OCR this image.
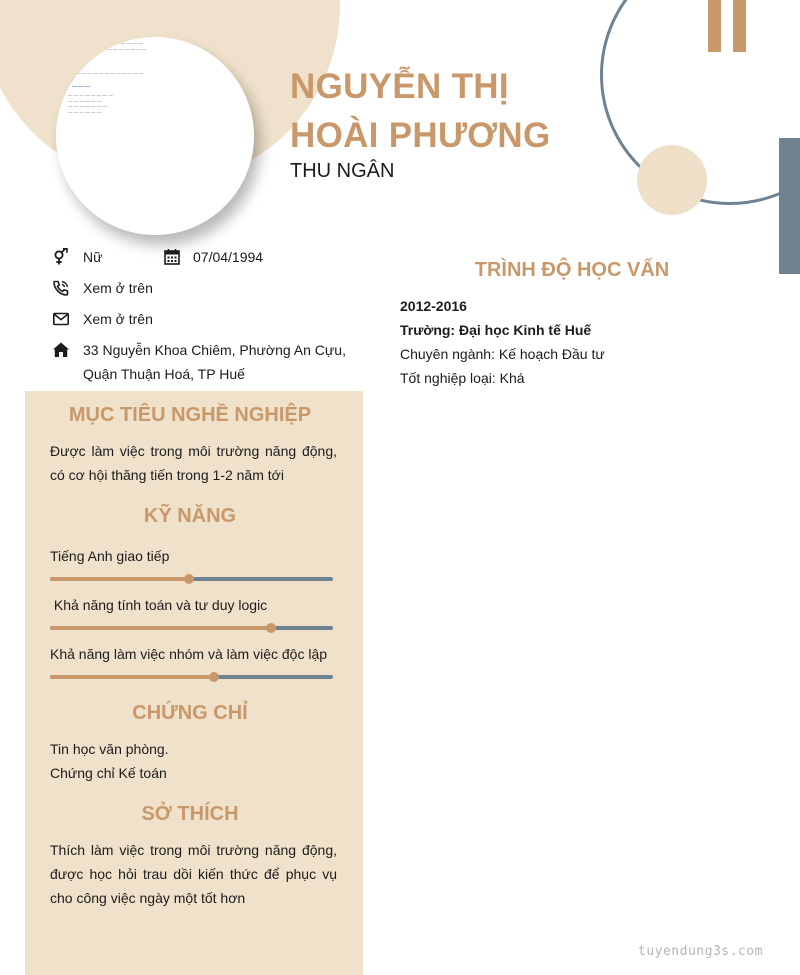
— — — — — — — —
— — — — — — — — — —
— — — — — — — — — — — —
— — —
— — — — — — — —
— — — — — —
— — — — — — —
— — — — — —
NGUYỄN THỊ
HOÀI PHƯƠNG
THU NGÂN
Nữ	07/04/1994
Xem ở trên
Xem ở trên
33 Nguyễn Khoa Chiêm, Phường An Cựu,
Quận Thuận Hoá, TP Huế
MỤC TIÊU NGHỀ NGHIỆP
Được làm việc trong môi trường năng động, có cơ hội thăng tiến trong 1-2 năm tới
KỸ NĂNG
Tiếng Anh giao tiếp
Khả năng tính toán và tư duy logic
Khả năng làm việc nhóm và làm việc độc lập
CHỨNG CHỈ
Tin học văn phòng.
Chứng chỉ Kế toán
SỞ THÍCH
Thích làm việc trong môi trường năng động, được học hỏi trau dồi kiến thức để phục vụ cho công việc ngày một tốt hơn
TRÌNH ĐỘ HỌC VẤN
2012-2016
Trường: Đại học Kinh tế Huế
Chuyên ngành: Kế hoạch Đầu tư
Tốt nghiệp loại: Khá
tuyendung3s.com
